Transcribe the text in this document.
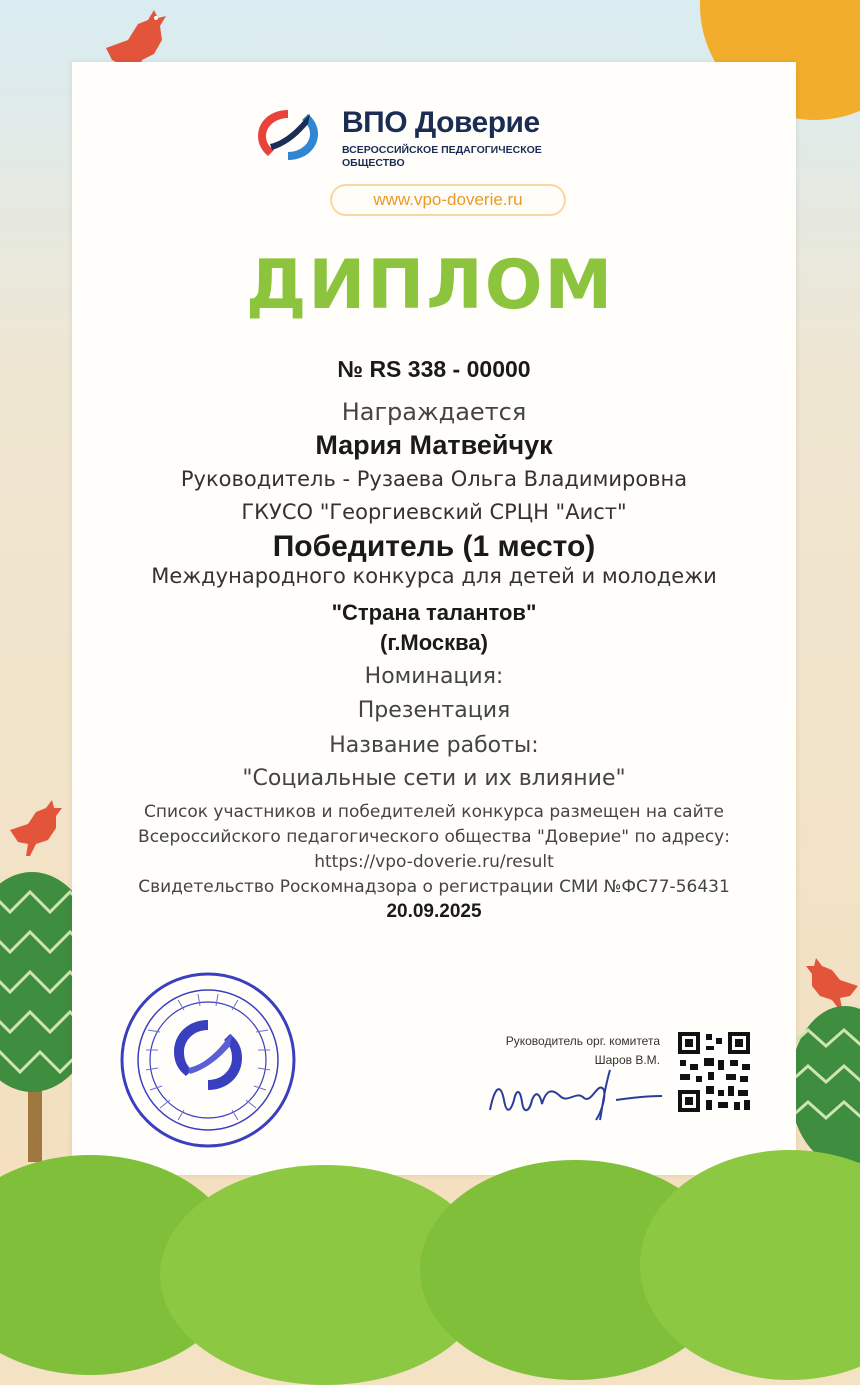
ВПО Доверие
ВСЕРОССИЙСКОЕ ПЕДАГОГИЧЕСКОЕ
ОБЩЕСТВО
www.vpo-doverie.ru
ДИПЛОМ
№ RS 338 - 00000
Награждается
Мария Матвейчук
Руководитель - Рузаева Ольга Владимировна
ГКУСО "Георгиевский СРЦН "Аист"
Победитель (1 место)
Международного конкурса для детей и молодежи
"Страна талантов"
(г.Москва)
Номинация:
Презентация
Название работы:
"Социальные сети и их влияние"
Список участников и победителей конкурса размещен на сайте
Всероссийского педагогического общества "Доверие" по адресу:
https://vpo-doverie.ru/result
Свидетельство Роскомнадзора о регистрации СМИ №ФС77-56431
20.09.2025
Руководитель орг. комитета
Шаров В.М.
